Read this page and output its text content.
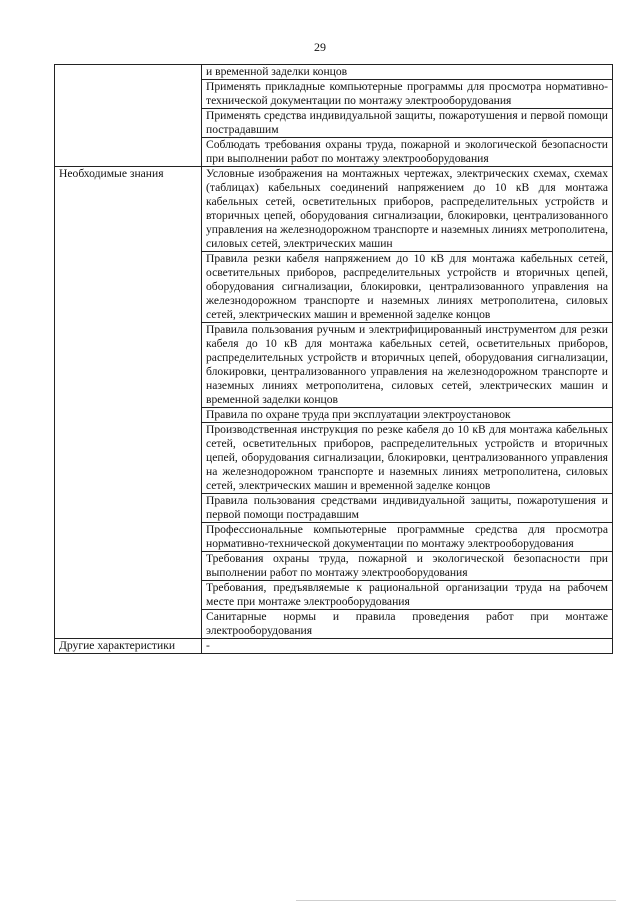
29
	и временной заделки концов
	Применять прикладные компьютерные программы для просмотра нормативно-технической документации по монтажу электрооборудования
	Применять средства индивидуальной защиты, пожаротушения и первой помощи пострадавшим
	Соблюдать требования охраны труда, пожарной и экологической безопасности при выполнении работ по монтажу электрооборудования
Необходимые знания	Условные изображения на монтажных чертежах, электрических схемах, схемах (таблицах) кабельных соединений напряжением до 10 кВ для монтажа кабельных сетей, осветительных приборов, распределительных устройств и вторичных цепей, оборудования сигнализации, блокировки, централизованного управления на железнодорожном транспорте и наземных линиях метрополитена, силовых сетей, электрических машин
	Правила резки кабеля напряжением до 10 кВ для монтажа кабельных сетей, осветительных приборов, распределительных устройств и вторичных цепей, оборудования сигнализации, блокировки, централизованного управления на железнодорожном транспорте и наземных линиях метрополитена, силовых сетей, электрических машин и временной заделке концов
	Правила пользования ручным и электрифицированный инструментом для резки кабеля до 10 кВ для монтажа кабельных сетей, осветительных приборов, распределительных устройств и вторичных цепей, оборудования сигнализации, блокировки, централизованного управления на железнодорожном транспорте и наземных линиях метрополитена, силовых сетей, электрических машин и временной заделки концов
	Правила по охране труда при эксплуатации электроустановок
	Производственная инструкция по резке кабеля до 10 кВ для монтажа кабельных сетей, осветительных приборов, распределительных устройств и вторичных цепей, оборудования сигнализации, блокировки, централизованного управления на железнодорожном транспорте и наземных линиях метрополитена, силовых сетей, электрических машин и временной заделке концов
	Правила пользования средствами индивидуальной защиты, пожаротушения и первой помощи пострадавшим
	Профессиональные компьютерные программные средства для просмотра нормативно-технической документации по монтажу электрооборудования
	Требования охраны труда, пожарной и экологической безопасности при выполнении работ по монтажу электрооборудования
	Требования, предъявляемые к рациональной организации труда на рабочем месте при монтаже электрооборудования
	Санитарные нормы и правила проведения работ при монтаже электрооборудования
Другие характеристики	-
